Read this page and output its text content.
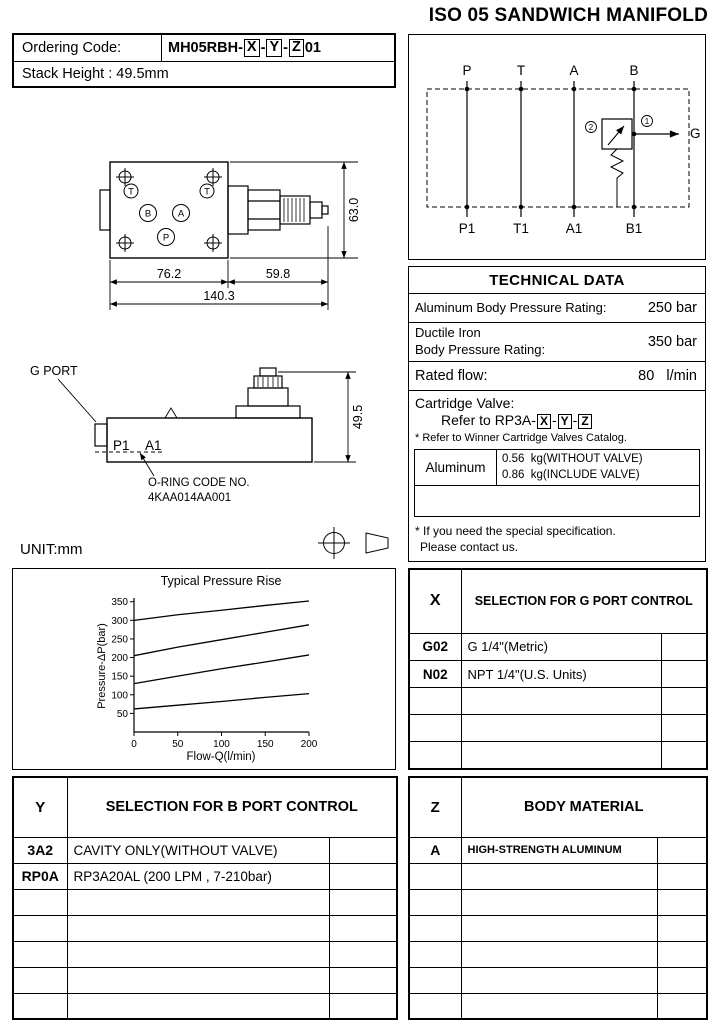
ISO 05 SANDWICH MANIFOLD
Ordering Code:	MH05RBH- X - Y - Z 01
Stack Height : 49.5mm
T	T
B	A
P
76.2	59.8
140.3
63.0
G PORT
P1 A1
O-RING CODE NO.
4KAA014AA001
49.5
UNIT:mm
P	T	A	B
G
1
2
P1	T1	A1	B1
TECHNICAL DATA
Aluminum Body Pressure Rating:	250 bar
Ductile Iron
Body Pressure Rating:	350 bar
Rated flow:	80   l/min
Cartridge Valve:
Refer to RP3A- X - Y - Z
* Refer to Winner Cartridge Valves Catalog.
Aluminum
0.56  kg(WITHOUT VALVE)
0.86  kg(INCLUDE VALVE)
* If you need the special specification.
Please contact us.
Typical Pressure Rise
Pressure-ΔP(bar)
Flow-Q(l/min)
50
100
150
200
250
300
350
0	50	100	150	200
Y	SELECTION FOR B PORT CONTROL	
3A2	CAVITY ONLY(WITHOUT VALVE)	
RP0A	RP3A20AL (200 LPM , 7-210bar)	

X	SELECTION FOR G PORT CONTROL	
G02	G 1/4"(Metric)	
N02	NPT 1/4"(U.S. Units)	

Z	BODY MATERIAL	
A	HIGH-STRENGTH ALUMINUM	
